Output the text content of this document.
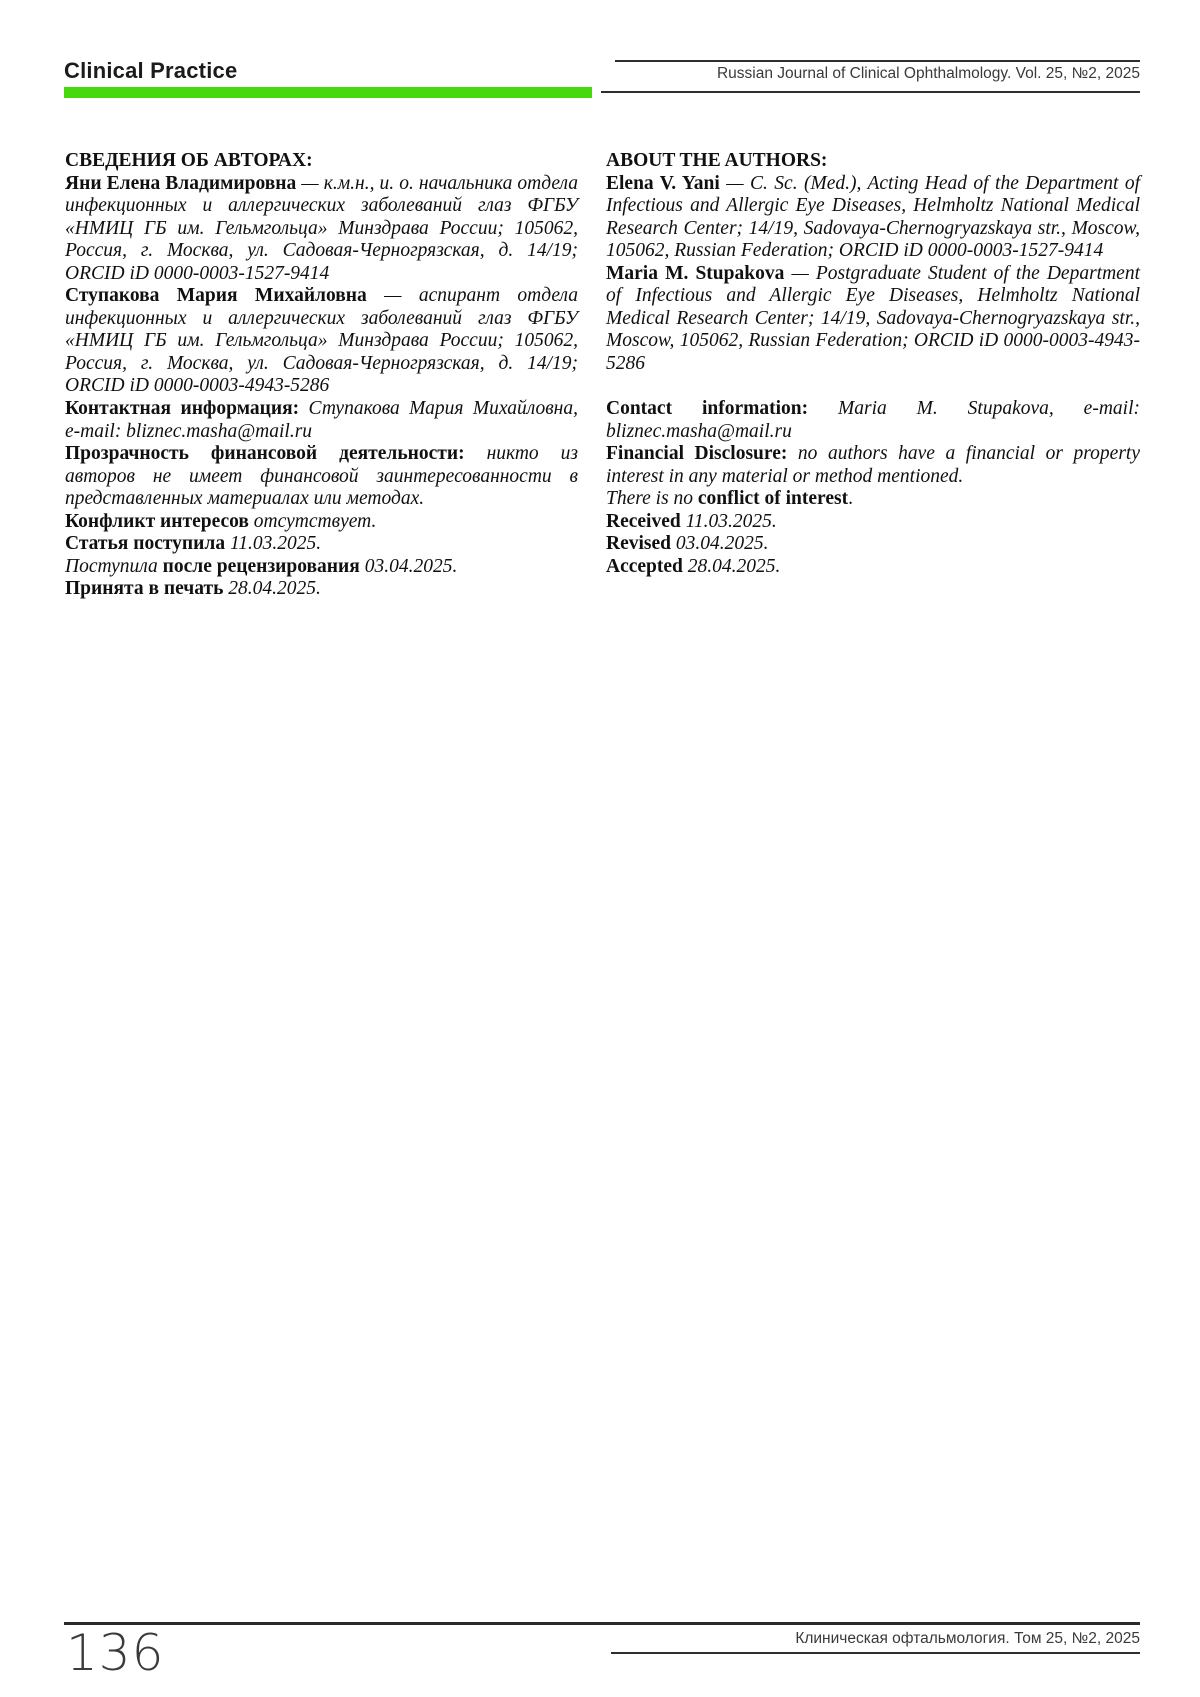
Clinical Practice	Russian Journal of Clinical Ophthalmology. Vol. 25, №2, 2025

СВЕДЕНИЯ ОБ АВТОРАХ:

Яни Елена Владимировна — к.м.н., и. о. начальника отдела инфекционных и аллергических заболеваний глаз ФГБУ «НМИЦ ГБ им. Гельмгольца» Минздрава России; 105062, Россия, г. Москва, ул. Садовая-Черногрязская, д. 14/19; ORCID iD 0000-0003-1527-9414

Ступакова Мария Михайловна — аспирант отдела инфекционных и аллергических заболеваний глаз ФГБУ «НМИЦ ГБ им. Гельмгольца» Минздрава России; 105062, Россия, г. Москва, ул. Садовая-Черногрязская, д. 14/19; ORCID iD 0000-0003-4943-5286

Контактная информация: Ступакова Мария Михайловна, e-mail: bliznec.masha@mail.ru

Прозрачность финансовой деятельности: никто из авторов не имеет финансовой заинтересованности в представленных материалах или методах.

Конфликт интересов отсутствует.

Статья поступила 11.03.2025.

Поступила после рецензирования 03.04.2025.

Принята в печать 28.04.2025.

ABOUT THE AUTHORS:

Elena V. Yani — C. Sc. (Med.), Acting Head of the Department of Infectious and Allergic Eye Diseases, Helmholtz National Medical Research Center; 14/19, Sadovaya-Chernogryazskaya str., Moscow, 105062, Russian Federation; ORCID iD 0000-0003-1527-9414

Maria M. Stupakova — Postgraduate Student of the Department of Infectious and Allergic Eye Diseases, Helmholtz National Medical Research Center; 14/19, Sadovaya-Chernogryazskaya str., Moscow, 105062, Russian Federation; ORCID iD 0000-0003-4943-5286

Contact information: Maria M. Stupakova, e-mail: bliznec.masha@mail.ru

Financial Disclosure: no authors have a financial or property interest in any material or method mentioned.

There is no conflict of interest.

Received 11.03.2025.

Revised 03.04.2025.

Accepted 28.04.2025.

136	Клиническая офтальмология. Том 25, №2, 2025
